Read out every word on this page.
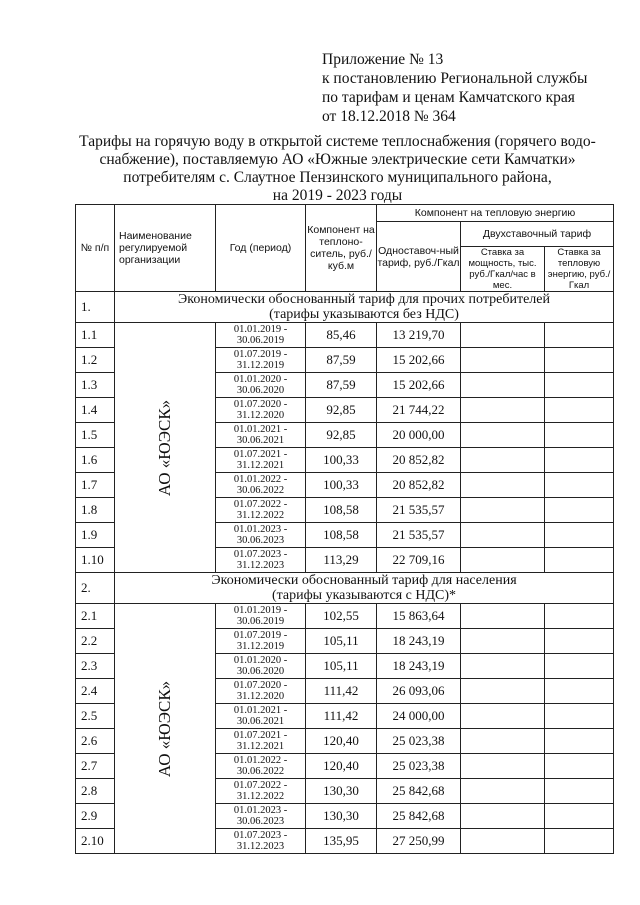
Приложение № 13
к постановлению Региональной службы
по тарифам и ценам Камчатского края
от 18.12.2018 № 364
Тарифы на горячую воду в открытой системе теплоснабжения (горячего водо-
снабжение), поставляемую АО «Южные электрические сети Камчатки»
потребителям с. Слаутное Пензинского муниципального района,
на 2019 - 2023 годы
№ п/п	Наименование регулируемой организации	Год (период)	Компонент на теплоно-ситель, руб./куб.м	Компонент на тепловую энергию		
				Одноставоч-ный тариф, руб./Гкал	Двухставочный тариф	
					Ставка за мощность, тыс. руб./Гкал/час в мес.	Ставка за тепловую энергию, руб./Гкал
1.	Экономически обоснованный тариф для прочих потребителей
(тарифы указываются без НДС)					

1.1	АО «ЮЭСК»	01.01.2019 -
30.06.2019	85,46	13 219,70		
1.2		01.07.2019 -
31.12.2019	87,59	15 202,66		
1.3		01.01.2020 -
30.06.2020	87,59	15 202,66		
1.4		01.07.2020 -
31.12.2020	92,85	21 744,22		
1.5		01.01.2021 -
30.06.2021	92,85	20 000,00		
1.6		01.07.2021 -
31.12.2021	100,33	20 852,82		
1.7		01.01.2022 -
30.06.2022	100,33	20 852,82		
1.8		01.07.2022 -
31.12.2022	108,58	21 535,57		
1.9		01.01.2023 -
30.06.2023	108,58	21 535,57		
1.10		01.07.2023 -
31.12.2023	113,29	22 709,16		
2.	Экономически обоснованный тариф для населения
(тарифы указываются с НДС)*					

2.1	АО «ЮЭСК»	01.01.2019 -
30.06.2019	102,55	15 863,64		
2.2		01.07.2019 -
31.12.2019	105,11	18 243,19		
2.3		01.01.2020 -
30.06.2020	105,11	18 243,19		
2.4		01.07.2020 -
31.12.2020	111,42	26 093,06		
2.5		01.01.2021 -
30.06.2021	111,42	24 000,00		
2.6		01.07.2021 -
31.12.2021	120,40	25 023,38		
2.7		01.01.2022 -
30.06.2022	120,40	25 023,38		
2.8		01.07.2022 -
31.12.2022	130,30	25 842,68		
2.9		01.01.2023 -
30.06.2023	130,30	25 842,68		
2.10		01.07.2023 -
31.12.2023	135,95	27 250,99		
